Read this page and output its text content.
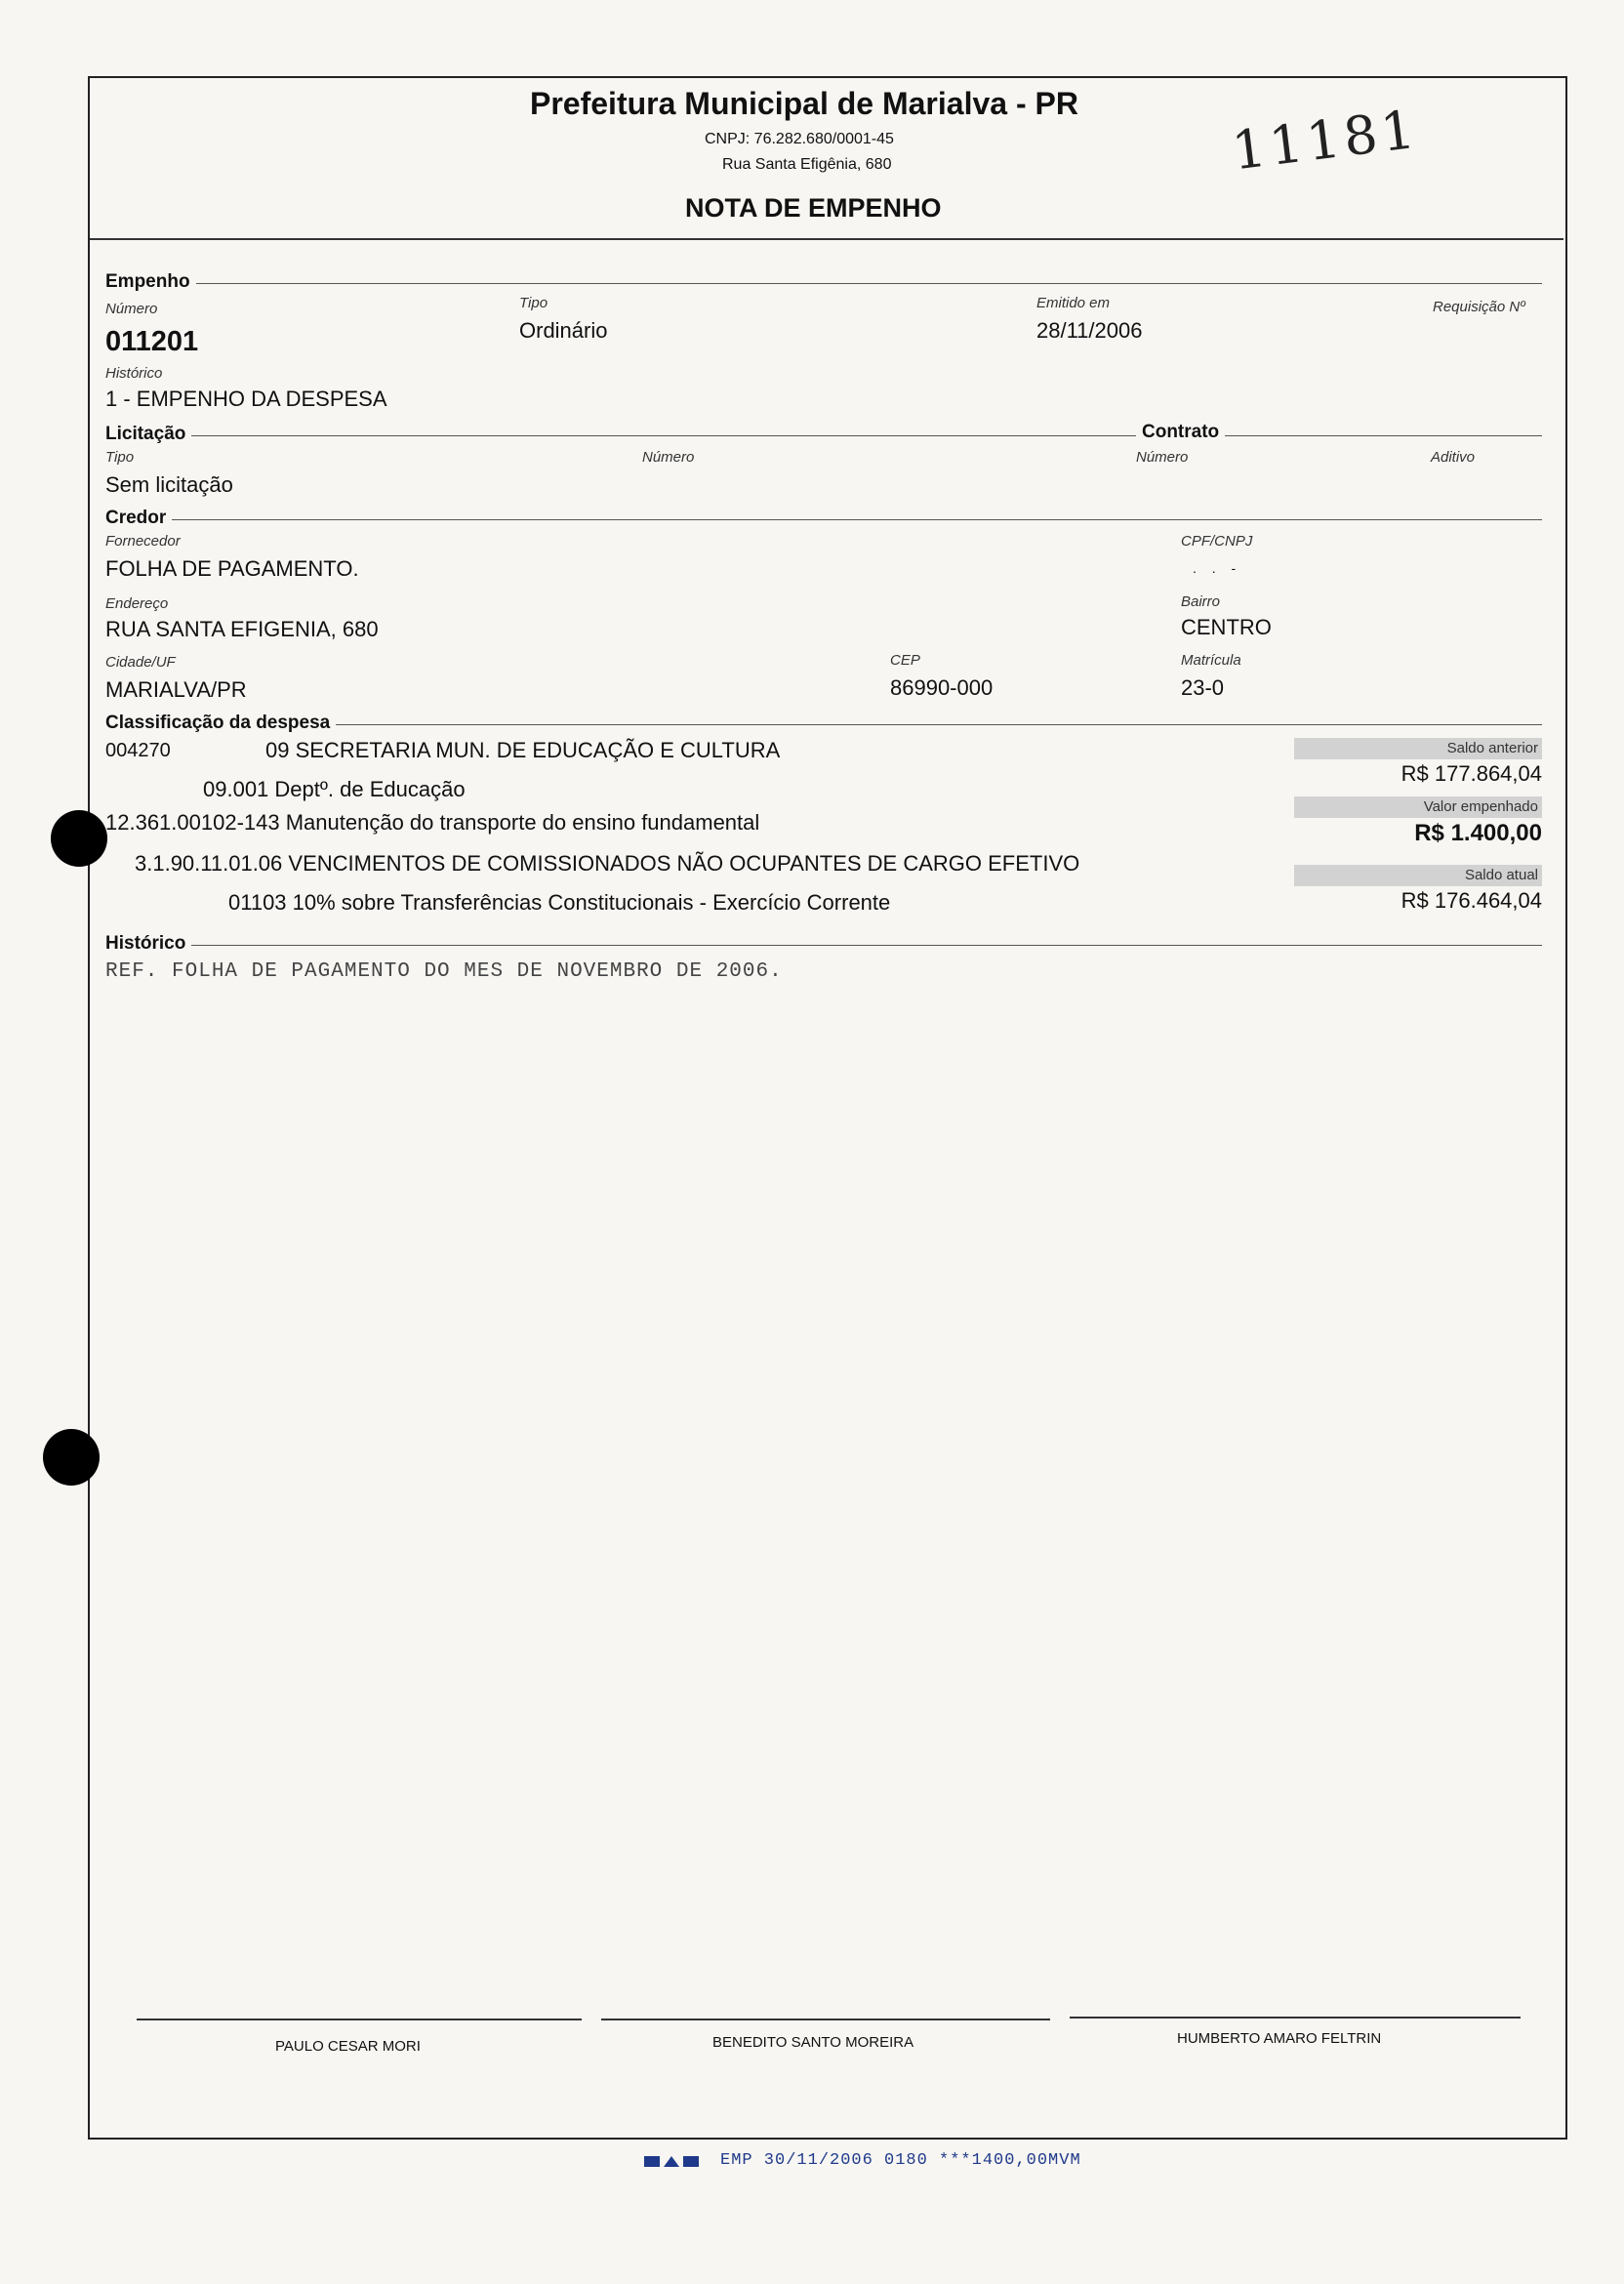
Prefeitura Municipal de Marialva - PR
CNPJ: 76.282.680/0001-45
Rua Santa Efigênia, 680
NOTA DE EMPENHO
11181
Empenho
Número
011201
Tipo
Ordinário
Emitido em
28/11/2006
Requisição Nº
Histórico
1 - EMPENHO DA DESPESA
Licitação	Contrato
Tipo
Sem licitação
Número	Número	Aditivo
Credor
Fornecedor
FOLHA DE PAGAMENTO.
CPF/CNPJ
. . -
Endereço
RUA SANTA EFIGENIA, 680
Bairro
CENTRO
Cidade/UF
MARIALVA/PR
CEP
86990-000
Matrícula
23-0
Classificação da despesa
004270	09 SECRETARIA MUN. DE EDUCAÇÃO E CULTURA
09.001 Deptº. de Educação
12.361.00102-143 Manutenção do transporte do ensino fundamental
3.1.90.11.01.06 VENCIMENTOS DE COMISSIONADOS NÃO OCUPANTES DE CARGO EFETIVO
01103 10% sobre Transferências Constitucionais - Exercício Corrente
Saldo anterior
R$ 177.864,04
Valor empenhado
R$ 1.400,00
Saldo atual
R$ 176.464,04
Histórico
REF. FOLHA DE PAGAMENTO DO MES DE NOVEMBRO DE 2006.
PAULO CESAR MORI	BENEDITO SANTO MOREIRA	HUMBERTO AMARO FELTRIN
EMP 30/11/2006 0180 ***1400,00MVM
